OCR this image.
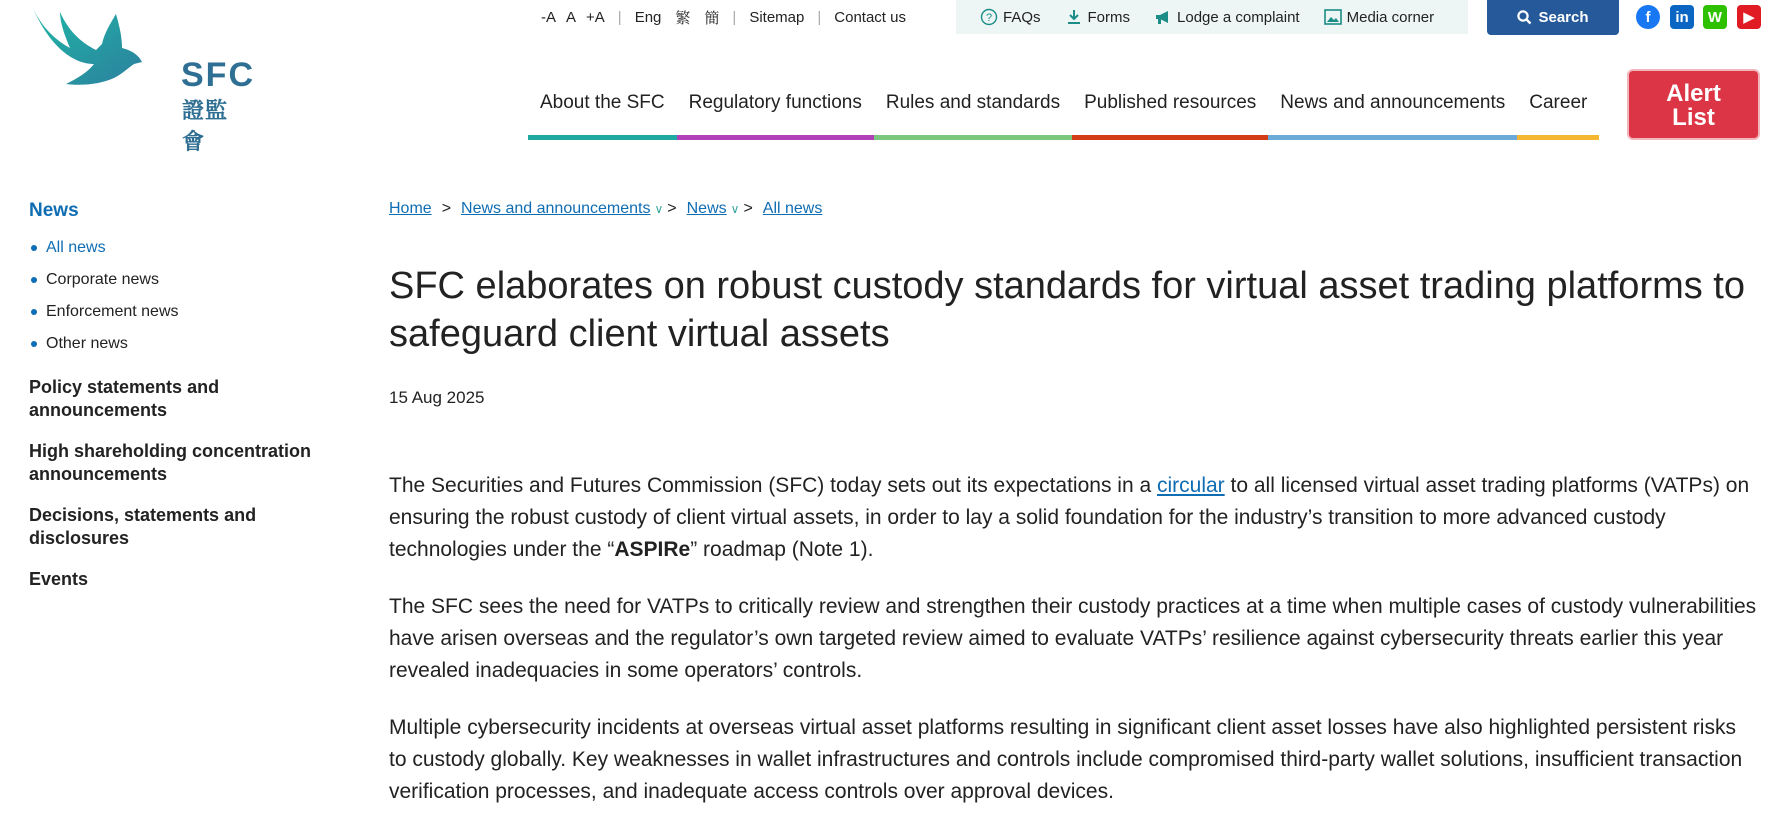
SFC
證監會
-A A +A | Eng 繁 簡 | Sitemap | Contact us	? FAQs	Forms	Lodge a complaint	Media corner	Search	f	in	W	▶
About the SFC	Regulatory functions	Rules and standards	Published resources	News and announcements	Career	Alert
List
News
All news
Corporate news
Enforcement news
Other news
Policy statements and announcements
High shareholding concentration announcements
Decisions, statements and disclosures
Events
Home > News and announcements ∨ > News ∨ > All news
SFC elaborates on robust custody standards for virtual asset trading platforms to safeguard client virtual assets
15 Aug 2025

The Securities and Futures Commission (SFC) today sets out its expectations in a circular to all licensed virtual asset trading platforms (VATPs) on ensuring the robust custody of client virtual assets, in order to lay a solid foundation for the industry’s transition to more advanced custody technologies under the “ASPIRe” roadmap (Note 1).

The SFC sees the need for VATPs to critically review and strengthen their custody practices at a time when multiple cases of custody vulnerabilities have arisen overseas and the regulator’s own targeted review aimed to evaluate VATPs’ resilience against cybersecurity threats earlier this year revealed inadequacies in some operators’ controls.

Multiple cybersecurity incidents at overseas virtual asset platforms resulting in significant client asset losses have also highlighted persistent risks to custody globally. Key weaknesses in wallet infrastructures and controls include compromised third-party wallet solutions, insufficient transaction verification processes, and inadequate access controls over approval devices.
